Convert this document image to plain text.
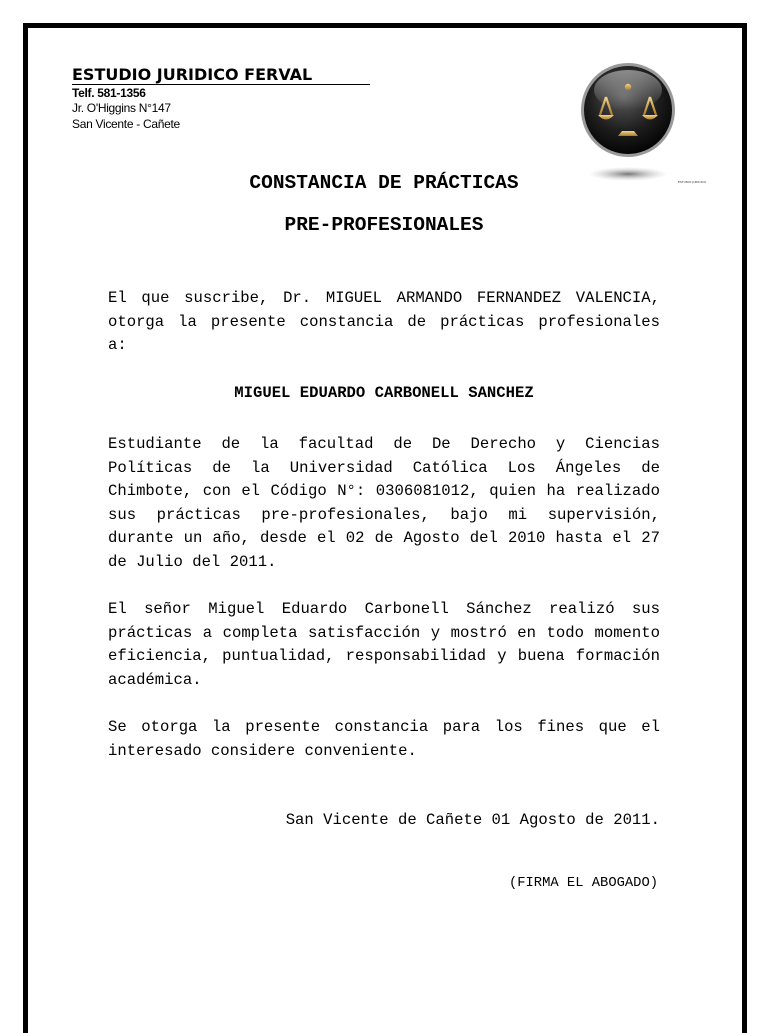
ESTUDIO JURIDICO FERVAL
Telf. 581-1356
Jr. O'Higgins N°147
San Vicente - Cañete
ESTUDIO JURIDICO
CONSTANCIA DE PRÁCTICAS
PRE-PROFESIONALES
El que suscribe, Dr. MIGUEL ARMANDO FERNANDEZ VALENCIA, otorga la presente constancia de prácticas profesionales a:
MIGUEL EDUARDO CARBONELL SANCHEZ
Estudiante de la facultad de De Derecho y Ciencias Políticas de la Universidad Católica Los Ángeles de Chimbote, con el Código N°: 0306081012, quien ha realizado sus prácticas pre-profesionales, bajo mi supervisión, durante un año, desde el 02 de Agosto del 2010 hasta el 27 de Julio del 2011.
El señor Miguel Eduardo Carbonell Sánchez realizó sus prácticas a completa satisfacción y mostró en todo momento eficiencia, puntualidad, responsabilidad y buena formación académica.
Se otorga la presente constancia para los fines que el interesado considere conveniente.
San Vicente de Cañete 01 Agosto de 2011.
(FIRMA EL ABOGADO)
